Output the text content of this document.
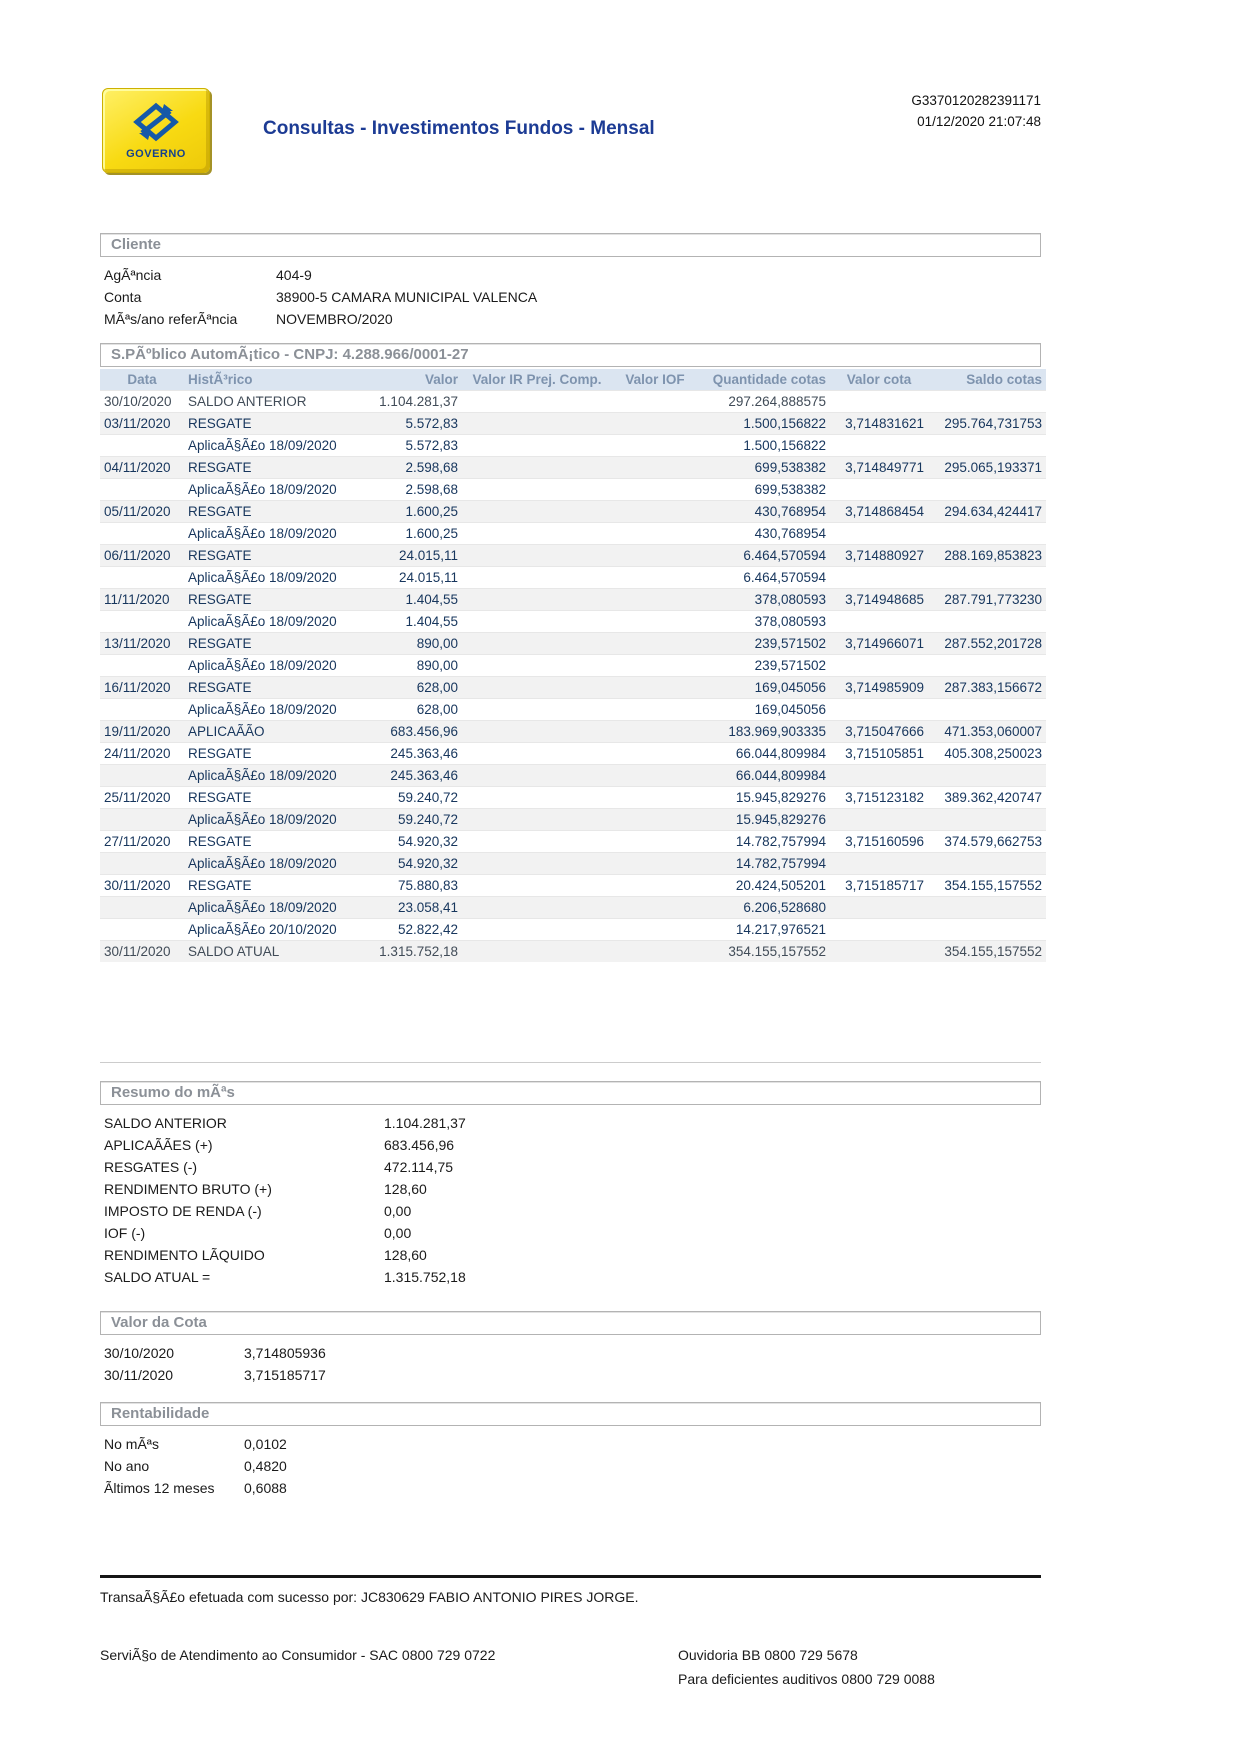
GOVERNO
Consultas - Investimentos Fundos - Mensal
G3370120282391171
01/12/2020 21:07:48
Cliente
AgÃªncia	404-9
Conta	38900-5 CAMARA MUNICIPAL VALENCA
MÃªs/ano referÃªncia	NOVEMBRO/2020
S.PÃºblico AutomÃ¡tico - CNPJ: 4.288.966/0001-27
Data	HistÃ³rico	Valor	Valor IR Prej. Comp.	Valor IOF	Quantidade cotas	Valor cota	Saldo cotas
30/10/2020	SALDO ANTERIOR	1.104.281,37			297.264,888575		
03/11/2020	RESGATE	5.572,83			1.500,156822	3,714831621	295.764,731753
	AplicaÃ§Ã£o 18/09/2020	5.572,83			1.500,156822		
04/11/2020	RESGATE	2.598,68			699,538382	3,714849771	295.065,193371
	AplicaÃ§Ã£o 18/09/2020	2.598,68			699,538382		
05/11/2020	RESGATE	1.600,25			430,768954	3,714868454	294.634,424417
	AplicaÃ§Ã£o 18/09/2020	1.600,25			430,768954		
06/11/2020	RESGATE	24.015,11			6.464,570594	3,714880927	288.169,853823
	AplicaÃ§Ã£o 18/09/2020	24.015,11			6.464,570594		
11/11/2020	RESGATE	1.404,55			378,080593	3,714948685	287.791,773230
	AplicaÃ§Ã£o 18/09/2020	1.404,55			378,080593		
13/11/2020	RESGATE	890,00			239,571502	3,714966071	287.552,201728
	AplicaÃ§Ã£o 18/09/2020	890,00			239,571502		
16/11/2020	RESGATE	628,00			169,045056	3,714985909	287.383,156672
	AplicaÃ§Ã£o 18/09/2020	628,00			169,045056		
19/11/2020	APLICAÃÃO	683.456,96			183.969,903335	3,715047666	471.353,060007
24/11/2020	RESGATE	245.363,46			66.044,809984	3,715105851	405.308,250023
	AplicaÃ§Ã£o 18/09/2020	245.363,46			66.044,809984		
25/11/2020	RESGATE	59.240,72			15.945,829276	3,715123182	389.362,420747
	AplicaÃ§Ã£o 18/09/2020	59.240,72			15.945,829276		
27/11/2020	RESGATE	54.920,32			14.782,757994	3,715160596	374.579,662753
	AplicaÃ§Ã£o 18/09/2020	54.920,32			14.782,757994		
30/11/2020	RESGATE	75.880,83			20.424,505201	3,715185717	354.155,157552
	AplicaÃ§Ã£o 18/09/2020	23.058,41			6.206,528680		
	AplicaÃ§Ã£o 20/10/2020	52.822,42			14.217,976521		
30/11/2020	SALDO ATUAL	1.315.752,18			354.155,157552		354.155,157552
Resumo do mÃªs
SALDO ANTERIOR	1.104.281,37
APLICAÃÃES (+)	683.456,96
RESGATES (-)	472.114,75
RENDIMENTO BRUTO (+)	128,60
IMPOSTO DE RENDA (-)	0,00
IOF (-)	0,00
RENDIMENTO LÃQUIDO	128,60
SALDO ATUAL =	1.315.752,18
Valor da Cota
30/10/2020	3,714805936
30/11/2020	3,715185717
Rentabilidade
No mÃªs	0,0102
No ano	0,4820
Ãltimos 12 meses	0,6088
TransaÃ§Ã£o efetuada com sucesso por: JC830629 FABIO ANTONIO PIRES JORGE.
ServiÃ§o de Atendimento ao Consumidor - SAC 0800 729 0722	Ouvidoria BB 0800 729 5678
Para deficientes auditivos 0800 729 0088
